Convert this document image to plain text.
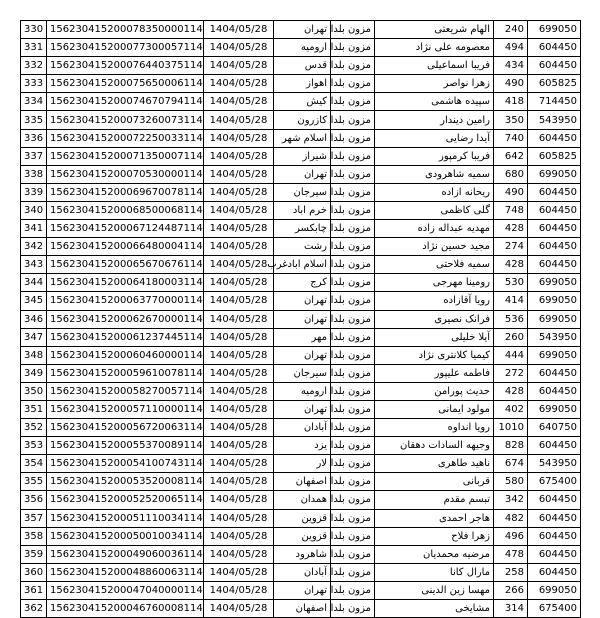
330	156230415200078350000114	1404/05/28	تهران	مزون بلدا	الهام شریعتی	240	699050
331	156230415200077300057114	1404/05/28	ارومیه	مزون بلدا	معصومه علی نژاد	494	604450
332	156230415200076440375114	1404/05/28	قدس	مزون بلدا	فریبا اسماعیلی	434	604450
333	156230415200075650006114	1404/05/28	اهواز	مزون بلدا	زهرا نواصر	490	605825
334	156230415200074670794114	1404/05/28	کیش	مزون بلدا	سپیده هاشمی	418	714450
335	156230415200073260073114	1404/05/28	کازرون	مزون بلدا	رامین دیندار	350	543950
336	156230415200072250033114	1404/05/28	اسلام شهر	مزون بلدا	آیدا رضایی	740	604450
337	156230415200071350007114	1404/05/28	شیراز	مزون بلدا	فریبا کرمپور	642	605825
338	156230415200070530000114	1404/05/28	تهران	مزون بلدا	سمیه شاهرودی	680	699050
339	156230415200069670078114	1404/05/28	سیرجان	مزون بلدا	ریحانه ازاده	490	604450
340	156230415200068500068114	1404/05/28	خرم اباد	مزون بلدا	گلی کاظمی	748	604450
341	156230415200067124487114	1404/05/28	چابکسر	مزون بلدا	مهدیه عبداله زاده	428	604450
342	156230415200066480004114	1404/05/28	رشت	مزون بلدا	مجید حسین نژاد	274	604450
343	156230415200065670676114	1404/05/28	اسلام ابادغرب	مزون بلدا	سمیه فلاحتی	428	604450
344	156230415200064180003114	1404/05/28	کرج	مزون بلدا	رومینا مهرجی	530	699050
345	156230415200063770000114	1404/05/28	تهران	مزون بلدا	رویا آقازاده	414	699050
346	156230415200062670000114	1404/05/28	تهران	مزون بلدا	فرانک نصیری	536	699050
347	156230415200061237445114	1404/05/28	مهر	مزون بلدا	آیلا خلیلی	260	543950
348	156230415200060460000114	1404/05/28	تهران	مزون بلدا	کیمیا کلانتری نژاد	444	699050
349	156230415200059610078114	1404/05/28	سیرجان	مزون بلدا	فاطمه علیپور	272	604450
350	156230415200058270057114	1404/05/28	ارومیه	مزون بلدا	حدیث پورامن	428	604450
351	156230415200057110000114	1404/05/28	تهران	مزون بلدا	مولود ایمانی	402	699050
352	156230415200056720063114	1404/05/28	آبادان	مزون بلدا	رویا انداوه	1010	640750
353	156230415200055370089114	1404/05/28	یزد	مزون بلدا	وجیهه السادات دهقان	828	604450
354	156230415200054100743114	1404/05/28	لار	مزون بلدا	ناهید طاهری	674	543950
355	156230415200053520008114	1404/05/28	اصفهان	مزون بلدا	قربانی	580	675400
356	156230415200052520065114	1404/05/28	همدان	مزون بلدا	تبسم مقدم	342	604450
357	156230415200051110034114	1404/05/28	قزوین	مزون بلدا	هاجر احمدی	482	604450
358	156230415200050010034114	1404/05/28	قزوین	مزون بلدا	زهرا فلاح	496	604450
359	156230415200049060036114	1404/05/28	شاهرود	مزون بلدا	مرضیه محمدیان	478	604450
360	156230415200048860063114	1404/05/28	آبادان	مزون بلدا	مارال کانا	258	604450
361	156230415200047040000114	1404/05/28	تهران	مزون بلدا	مهسا زین الدینی	266	699050
362	156230415200046760008114	1404/05/28	اصفهان	مزون بلدا	مشایخی	314	675400
